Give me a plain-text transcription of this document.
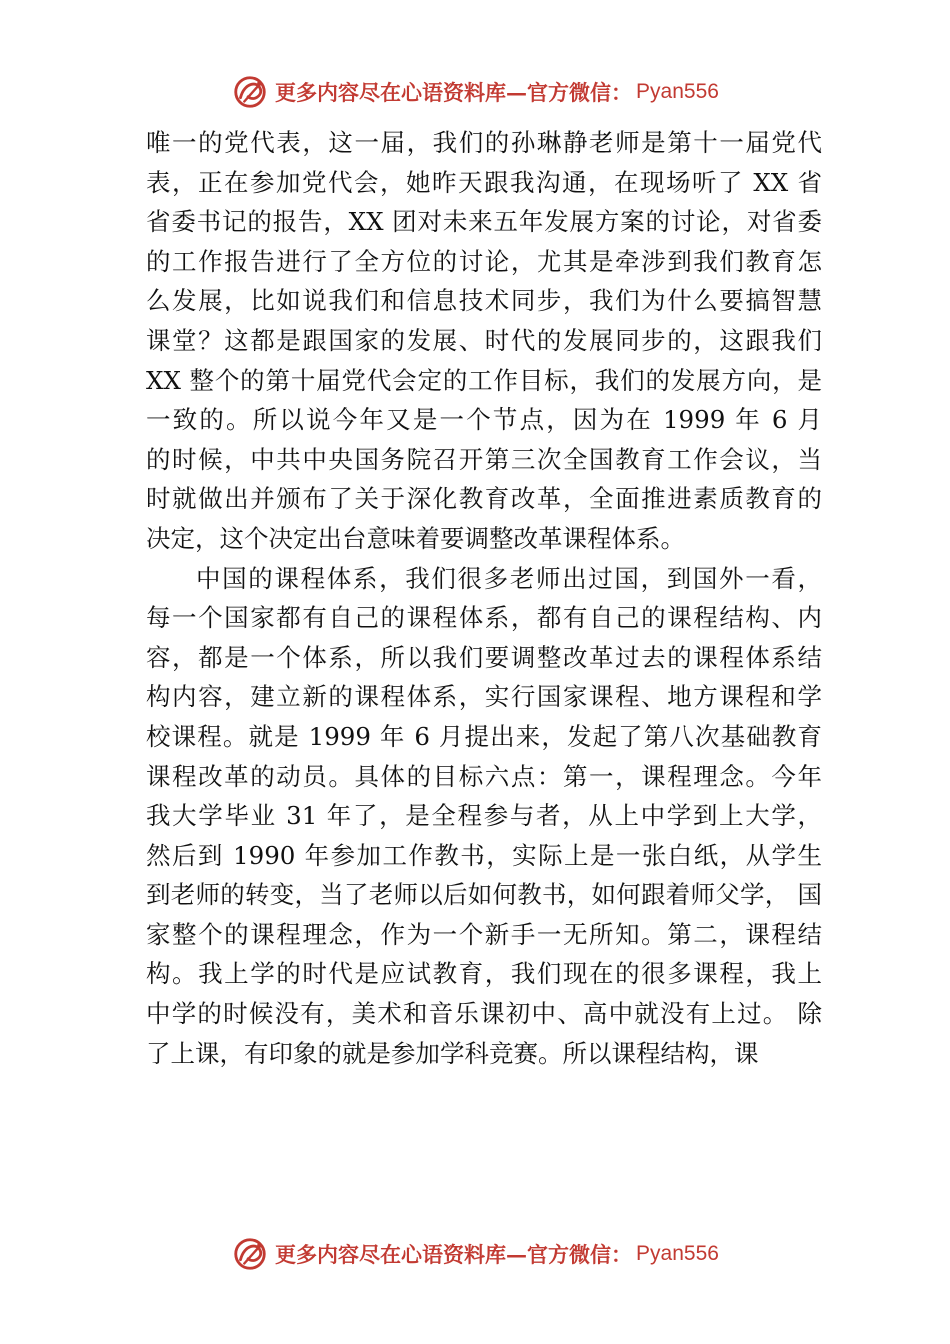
更多内容尽在心语资料库—官方微信： Pyan556
唯一的党代表，这一届，我们的孙琳静老师是第十一届党代
表，正在参加党代会，她昨天跟我沟通，在现场听了 XX 省
省委书记的报告，XX 团对未来五年发展方案的讨论，对省委
的工作报告进行了全方位的讨论，尤其是牵涉到我们教育怎
么发展，比如说我们和信息技术同步，我们为什么要搞智慧
课堂？这都是跟国家的发展、时代的发展同步的，这跟我们
XX 整个的第十届党代会定的工作目标，我们的发展方向，是
一致的。所以说今年又是一个节点，因为在 1999 年 6 月
的时候，中共中央国务院召开第三次全国教育工作会议，当
时就做出并颁布了关于深化教育改革，全面推进素质教育的
决定，这个决定出台意味着要调整改革课程体系。
中国的课程体系，我们很多老师出过国，到国外一看，
每一个国家都有自己的课程体系，都有自己的课程结构、内
容，都是一个体系，所以我们要调整改革过去的课程体系结
构内容，建立新的课程体系，实行国家课程、地方课程和学
校课程。就是 1999 年 6 月提出来，发起了第八次基础教育
课程改革的动员。具体的目标六点：第一，课程理念。今年
我大学毕业 31 年了，是全程参与者，从上中学到上大学，
然后到 1990 年参加工作教书，实际上是一张白纸，从学生
到老师的转变，当了老师以后如何教书，如何跟着师父学， 国
家整个的课程理念，作为一个新手一无所知。第二，课程结
构。我上学的时代是应试教育，我们现在的很多课程，我上
中学的时候没有，美术和音乐课初中、高中就没有上过。 除
了上课，有印象的就是参加学科竞赛。所以课程结构，课
更多内容尽在心语资料库—官方微信： Pyan556
